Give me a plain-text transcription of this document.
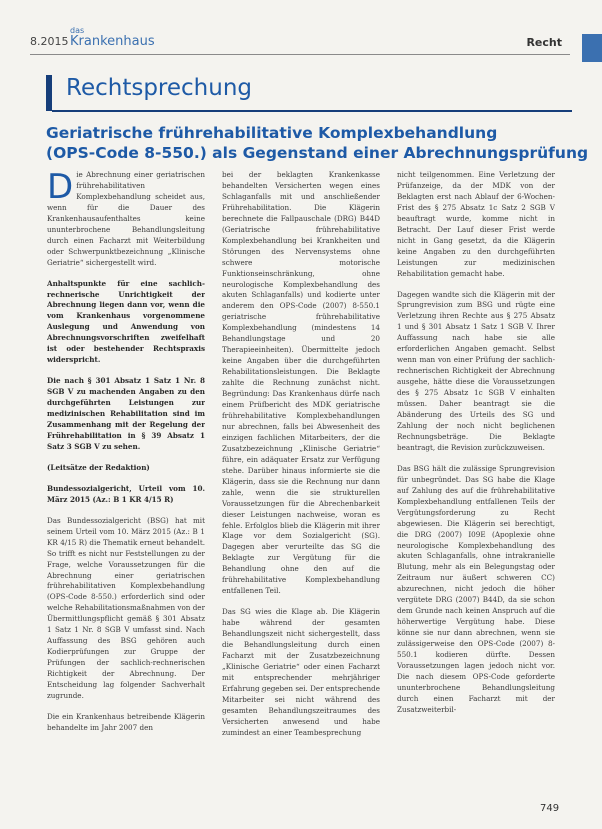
8.2015
das
Krankenhaus	Recht
Rechtsprechung
Geriatrische frührehabilitative Komplexbehandlung
(OPS-Code 8-550.) als Gegenstand einer Abrechnungsprüfung

Die Abrechnung einer geriatrischen frührehabilitativen Komplexbehandlung scheidet aus, wenn für die Dauer des Krankenhausaufenthaltes keine ununterbrochene Behandlungsleitung durch einen Facharzt mit Weiterbildung oder Schwerpunktbezeichnung „Klinische Geriatrie“ sichergestellt wird.

Anhaltspunkte für eine sachlich-rechnerische Unrichtigkeit der Abrechnung liegen dann vor, wenn die vom Krankenhaus vorgenommene Auslegung und Anwendung von Abrechnungsvorschriften zweifelhaft ist oder bestehender Rechtspraxis widerspricht.

Die nach § 301 Absatz 1 Satz 1 Nr. 8 SGB V zu machenden Angaben zu den durchgeführten Leistungen zur medizinischen Rehabilitation sind im Zusammenhang mit der Regelung der Frührehabilitation in § 39 Absatz 1 Satz 3 SGB V zu sehen.

(Leitsätze der Redaktion)

Bundessozialgericht, Urteil vom 10. März 2015 (Az.: B 1 KR 4/15 R)

Das Bundessozialgericht (BSG) hat mit seinem Urteil vom 10. März 2015 (Az.: B 1 KR 4/15 R) die Thematik erneut behandelt. So trifft es nicht nur Feststellungen zu der Frage, welche Voraussetzungen für die Abrechnung einer geriatrischen frührehabilitativen Komplexbehandlung (OPS-Code 8-550.) erforderlich sind oder welche Rehabilitationsmaßnahmen von der Übermittlungspflicht gemäß § 301 Absatz 1 Satz 1 Nr. 8 SGB V umfasst sind. Nach Auffassung des BSG gehören auch Kodierprüfungen zur Gruppe der Prüfungen der sachlich-rechnerischen Richtigkeit der Abrechnung. Der Entscheidung lag folgender Sachverhalt zugrunde.

Die ein Krankenhaus betreibende Klägerin behandelte im Jahr 2007 den

bei der beklagten Krankenkasse behandelten Versicherten wegen eines Schlaganfalls mit und anschließender Frührehabilitation. Die Klägerin berechnete die Fallpauschale (DRG) B44D (Geriatrische frührehabilitative Komplexbehandlung bei Krankheiten und Störungen des Nervensystems ohne schwere motorische Funktionseinschränkung, ohne neurologische Komplexbehandlung des akuten Schlaganfalls) und kodierte unter anderem den OPS-Code (2007) 8-550.1 geriatrische frührehabilitative Komplexbehandlung (mindestens 14 Behandlungstage und 20 Therapieeinheiten). Übermittelte jedoch keine Angaben über die durchgeführten Rehabilitationsleistungen. Die Beklagte zahlte die Rechnung zunächst nicht. Begründung: Das Krankenhaus dürfe nach einem Prüfbericht des MDK geriatrische frührehabilitative Komplexbehandlungen nur abrechnen, falls bei Abwesenheit des einzigen fachlichen Mitarbeiters, der die Zusatzbezeichnung „Klinische Geriatrie“ führe, ein adäquater Ersatz zur Verfügung stehe. Darüber hinaus informierte sie die Klägerin, dass sie die Rechnung nur dann zahle, wenn die sie strukturellen Voraussetzungen für die Abrechenbarkeit dieser Leistungen nachweise, woran es fehle. Erfolglos blieb die Klägerin mit ihrer Klage vor dem Sozialgericht (SG). Dagegen aber verurteilte das SG die Beklagte zur Vergütung für die Behandlung ohne den auf die frührehabilitative Komplexbehandlung entfallenen Teil.

Das SG wies die Klage ab. Die Klägerin habe während der gesamten Behandlungszeit nicht sichergestellt, dass die Behandlungsleitung durch einen Facharzt mit der Zusatzbezeichnung „Klinische Geriatrie“ oder einen Facharzt mit entsprechender mehrjähriger Erfahrung gegeben sei. Der entsprechende Mitarbeiter sei nicht während des gesamten Behandlungszeitraumes des Versicherten anwesend und habe zumindest an einer Teambesprechung

nicht teilgenommen. Eine Verletzung der Prüfanzeige, da der MDK von der Beklagten erst nach Ablauf der 6-Wochen-Frist des § 275 Absatz 1c Satz 2 SGB V beauftragt wurde, komme nicht in Betracht. Der Lauf dieser Frist werde nicht in Gang gesetzt, da die Klägerin keine Angaben zu den durchgeführten Leistungen zur medizinischen Rehabilitation gemacht habe.

Dagegen wandte sich die Klägerin mit der Sprungrevision zum BSG und rügte eine Verletzung ihren Rechte aus § 275 Absatz 1 und § 301 Absatz 1 Satz 1 SGB V. Ihrer Auffassung nach habe sie alle erforderlichen Angaben gemacht. Selbst wenn man von einer Prüfung der sachlich-rechnerischen Richtigkeit der Abrechnung ausgehe, hätte diese die Voraussetzungen des § 275 Absatz 1c SGB V einhalten müssen. Daher beantragt sie die Abänderung des Urteils des SG und Zahlung der noch nicht beglichenen Rechnungsbeträge. Die Beklagte beantragt, die Revision zurückzuweisen.

Das BSG hält die zulässige Sprungrevision für unbegründet. Das SG habe die Klage auf Zahlung des auf die frührehabilitative Komplexbehandlung entfallenen Teils der Vergütungsforderung zu Recht abgewiesen. Die Klägerin sei berechtigt, die DRG (2007) I09E (Apoplexie ohne neurologische Komplexbehandlung des akuten Schlaganfalls, ohne intrakranielle Blutung, mehr als ein Belegungstag oder Zeitraum nur äußert schweren CC) abzurechnen, nicht jedoch die höher vergütete DRG (2007) B44D, da sie schon dem Grunde nach keinen Anspruch auf die höherwertige Vergütung habe. Diese könne sie nur dann abrechnen, wenn sie zulässigerweise den OPS-Code (2007) 8-550.1 kodieren dürfte. Dessen Voraussetzungen lagen jedoch nicht vor. Die nach diesem OPS-Code geforderte ununterbrochene Behandlungsleitung durch einen Facharzt mit der Zusatzweiterbil-

749
